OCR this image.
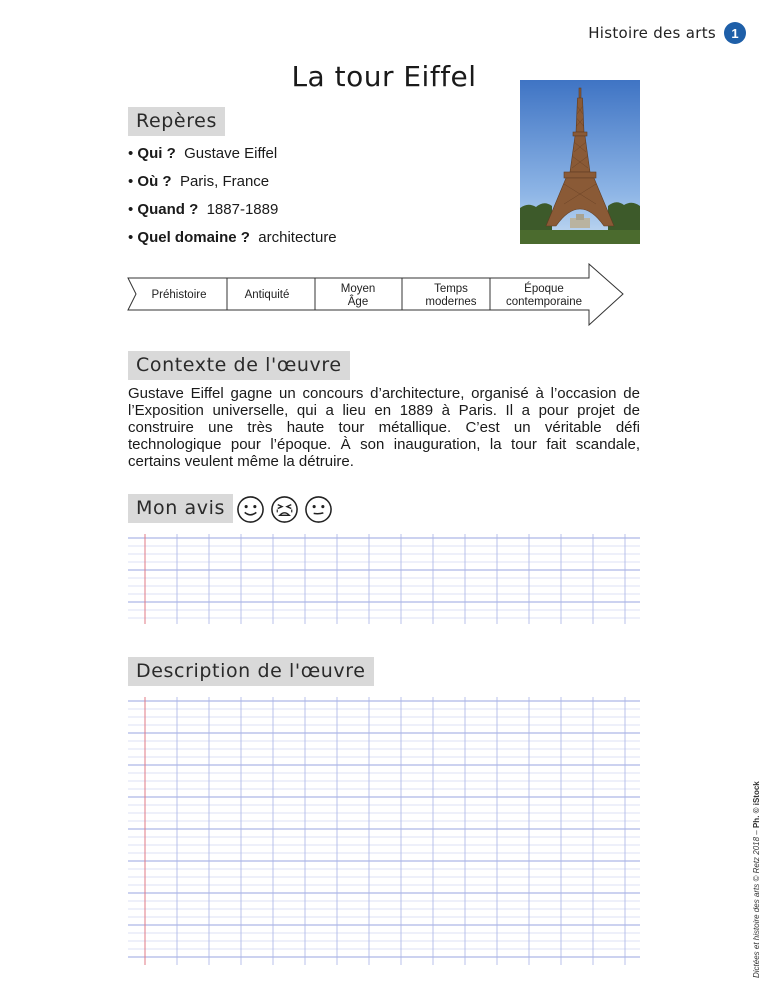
Histoire des arts	1
La tour Eiffel
Repères
• Qui ? Gustave Eiffel
• Où ? Paris, France
• Quand ? 1887-1889
• Quel domaine ? architecture
Préhistoire	Antiquité	Moyen
Âge
Temps
modernes
Époque
contemporaine
Contexte de l'œuvre

Gustave Eiffel gagne un concours d’architecture, organisé à l’occasion de l’Exposition universelle, qui a lieu en 1889 à Paris. Il a pour projet de construire une très haute tour métallique. C’est un véritable défi technologique pour l’époque. À son inauguration, la tour fait scandale, certains veulent même la détruire.

Mon avis
Description de l'œuvre
Dictées et histoire des arts © Retz 2018 – Ph. © iStock
